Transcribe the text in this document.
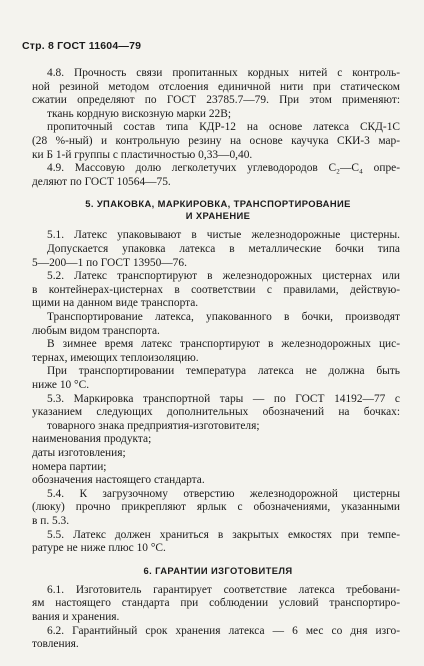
Стр. 8 ГОСТ 11604—79
4.8. Прочность связи пропитанных кордных нитей с контроль-
ной резиной методом отслоения единичной нити при статическом
сжатии определяют по ГОСТ 23785.7—79. При этом применяют:
ткань кордную вискозную марки 22В;
пропиточный состав типа КДР-12 на основе латекса СКД-1С
(28 %-ный) и контрольную резину на основе каучука СКИ-3 мар-
ки Б 1-й группы с пластичностью 0,33—0,40.
4.9. Массовую долю легколетучих углеводородов C₂—C₄ опре-
деляют по ГОСТ 10564—75.
5. УПАКОВКА, МАРКИРОВКА, ТРАНСПОРТИРОВАНИЕ
И ХРАНЕНИЕ
5.1. Латекс упаковывают в чистые железнодорожные цистерны.
Допускается упаковка латекса в металлические бочки типа
5—200—1 по ГОСТ 13950—76.
5.2. Латекс транспортируют в железнодорожных цистернах или
в контейнерах-цистернах в соответствии с правилами, действую-
щими на данном виде транспорта.
Транспортирование латекса, упакованного в бочки, производят
любым видом транспорта.
В зимнее время латекс транспортируют в железнодорожных цис-
тернах, имеющих теплоизоляцию.
При транспортировании температура латекса не должна быть
ниже 10 °C.
5.3. Маркировка транспортной тары — по ГОСТ 14192—77 с
указанием следующих дополнительных обозначений на бочках:
товарного знака предприятия-изготовителя;
наименования продукта;
даты изготовления;
номера партии;
обозначения настоящего стандарта.
5.4. К загрузочному отверстию железнодорожной цистерны
(люку) прочно прикрепляют ярлык с обозначениями, указанными
в п. 5.3.
5.5. Латекс должен храниться в закрытых емкостях при темпе-
ратуре не ниже плюс 10 °C.
6. ГАРАНТИИ ИЗГОТОВИТЕЛЯ
6.1. Изготовитель гарантирует соответствие латекса требовани-
ям настоящего стандарта при соблюдении условий транспортиро-
вания и хранения.
6.2. Гарантийный срок хранения латекса — 6 мес со дня изго-
товления.
